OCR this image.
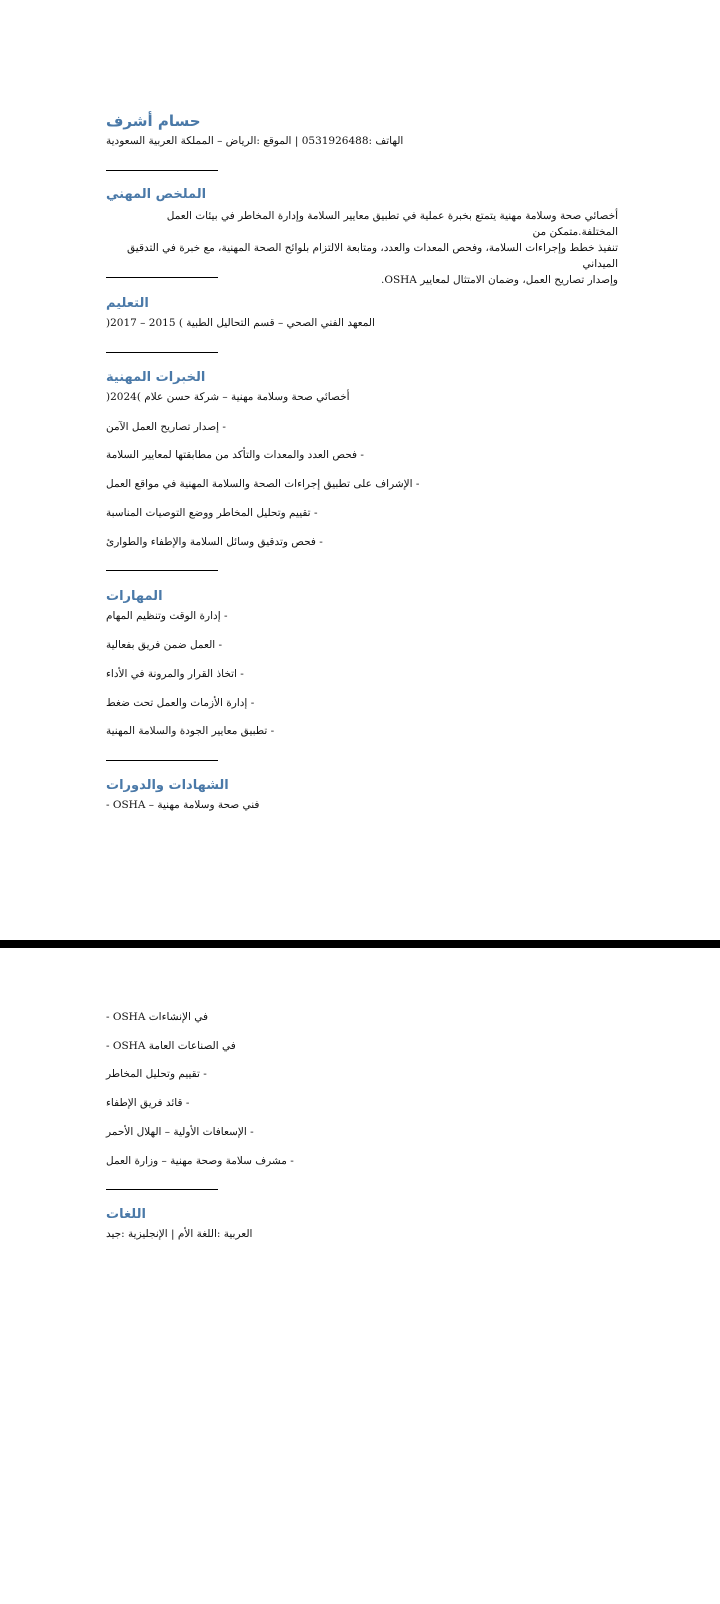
حسام أشرف
الهاتف :0531926488 | الموقع :الرياض – المملكة العربية السعودية
الملخص المهني
أخصائي صحة وسلامة مهنية يتمتع بخبرة عملية في تطبيق معايير السلامة وإدارة المخاطر في بيئات العمل المختلفة.متمكن من
تنفيذ خطط وإجراءات السلامة، وفحص المعدات والعدد، ومتابعة الالتزام بلوائح الصحة المهنية، مع خبرة في التدقيق الميداني
وإصدار تصاريح العمل، وضمان الامتثال لمعايير OSHA.
التعليم
المعهد الفني الصحي – قسم التحاليل الطبية ) 2015 – 2017(
الخبرات المهنية
أخصائي صحة وسلامة مهنية – شركة حسن علام )2024(
- إصدار تصاريح العمل الآمن
- فحص العدد والمعدات والتأكد من مطابقتها لمعايير السلامة
- الإشراف على تطبيق إجراءات الصحة والسلامة المهنية في مواقع العمل
- تقييم وتحليل المخاطر ووضع التوصيات المناسبة
- فحص وتدقيق وسائل السلامة والإطفاء والطوارئ
المهارات
- إدارة الوقت وتنظيم المهام
- العمل ضمن فريق بفعالية
- اتخاذ القرار والمرونة في الأداء
- إدارة الأزمات والعمل تحت ضغط
- تطبيق معايير الجودة والسلامة المهنية
الشهادات والدورات
- OSHA – فني صحة وسلامة مهنية
- OSHA في الإنشاءات
- OSHA في الصناعات العامة
- تقييم وتحليل المخاطر
- قائد فريق الإطفاء
- الإسعافات الأولية – الهلال الأحمر
- مشرف سلامة وصحة مهنية – وزارة العمل
اللغات
العربية :اللغة الأم | الإنجليزية :جيد
